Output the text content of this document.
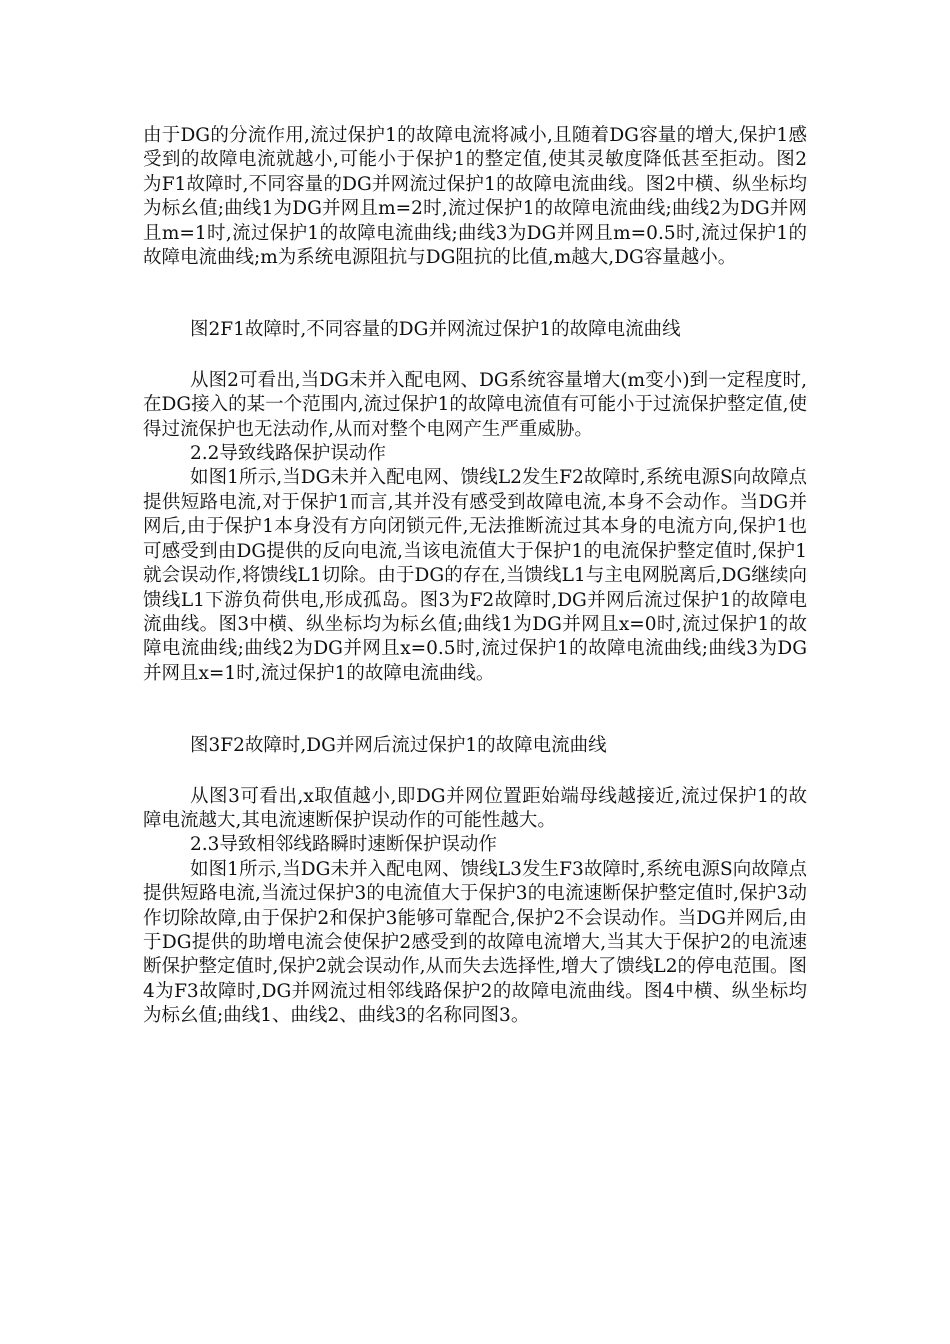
由于DG的分流作用,流过保护1的故障电流将减小,且随着DG容量的增大,保护1感受到的故障电流就越小,可能小于保护1的整定值,使其灵敏度降低甚至拒动。图2为F1故障时,不同容量的DG并网流过保护1的故障电流曲线。图2中横、纵坐标均为标幺值;曲线1为DG并网且m=2时,流过保护1的故障电流曲线;曲线2为DG并网且m=1时,流过保护1的故障电流曲线;曲线3为DG并网且m=0.5时,流过保护1的故障电流曲线;m为系统电源阻抗与DG阻抗的比值,m越大,DG容量越小。

图2F1故障时,不同容量的DG并网流过保护1的故障电流曲线

从图2可看出,当DG未并入配电网、DG系统容量增大(m变小)到一定程度时,在DG接入的某一个范围内,流过保护1的故障电流值有可能小于过流保护整定值,使得过流保护也无法动作,从而对整个电网产生严重威胁。

2.2导致线路保护误动作

如图1所示,当DG未并入配电网、馈线L2发生F2故障时,系统电源S向故障点提供短路电流,对于保护1而言,其并没有感受到故障电流,本身不会动作。当DG并网后,由于保护1本身没有方向闭锁元件,无法推断流过其本身的电流方向,保护1也可感受到由DG提供的反向电流,当该电流值大于保护1的电流保护整定值时,保护1就会误动作,将馈线L1切除。由于DG的存在,当馈线L1与主电网脱离后,DG继续向馈线L1下游负荷供电,形成孤岛。图3为F2故障时,DG并网后流过保护1的故障电流曲线。图3中横、纵坐标均为标幺值;曲线1为DG并网且x=0时,流过保护1的故障电流曲线;曲线2为DG并网且x=0.5时,流过保护1的故障电流曲线;曲线3为DG并网且x=1时,流过保护1的故障电流曲线。

图3F2故障时,DG并网后流过保护1的故障电流曲线

从图3可看出,x取值越小,即DG并网位置距始端母线越接近,流过保护1的故障电流越大,其电流速断保护误动作的可能性越大。

2.3导致相邻线路瞬时速断保护误动作

如图1所示,当DG未并入配电网、馈线L3发生F3故障时,系统电源S向故障点提供短路电流,当流过保护3的电流值大于保护3的电流速断保护整定值时,保护3动作切除故障,由于保护2和保护3能够可靠配合,保护2不会误动作。当DG并网后,由于DG提供的助增电流会使保护2感受到的故障电流增大,当其大于保护2的电流速断保护整定值时,保护2就会误动作,从而失去选择性,增大了馈线L2的停电范围。图4为F3故障时,DG并网流过相邻线路保护2的故障电流曲线。图4中横、纵坐标均为标幺值;曲线1、曲线2、曲线3的名称同图3。
